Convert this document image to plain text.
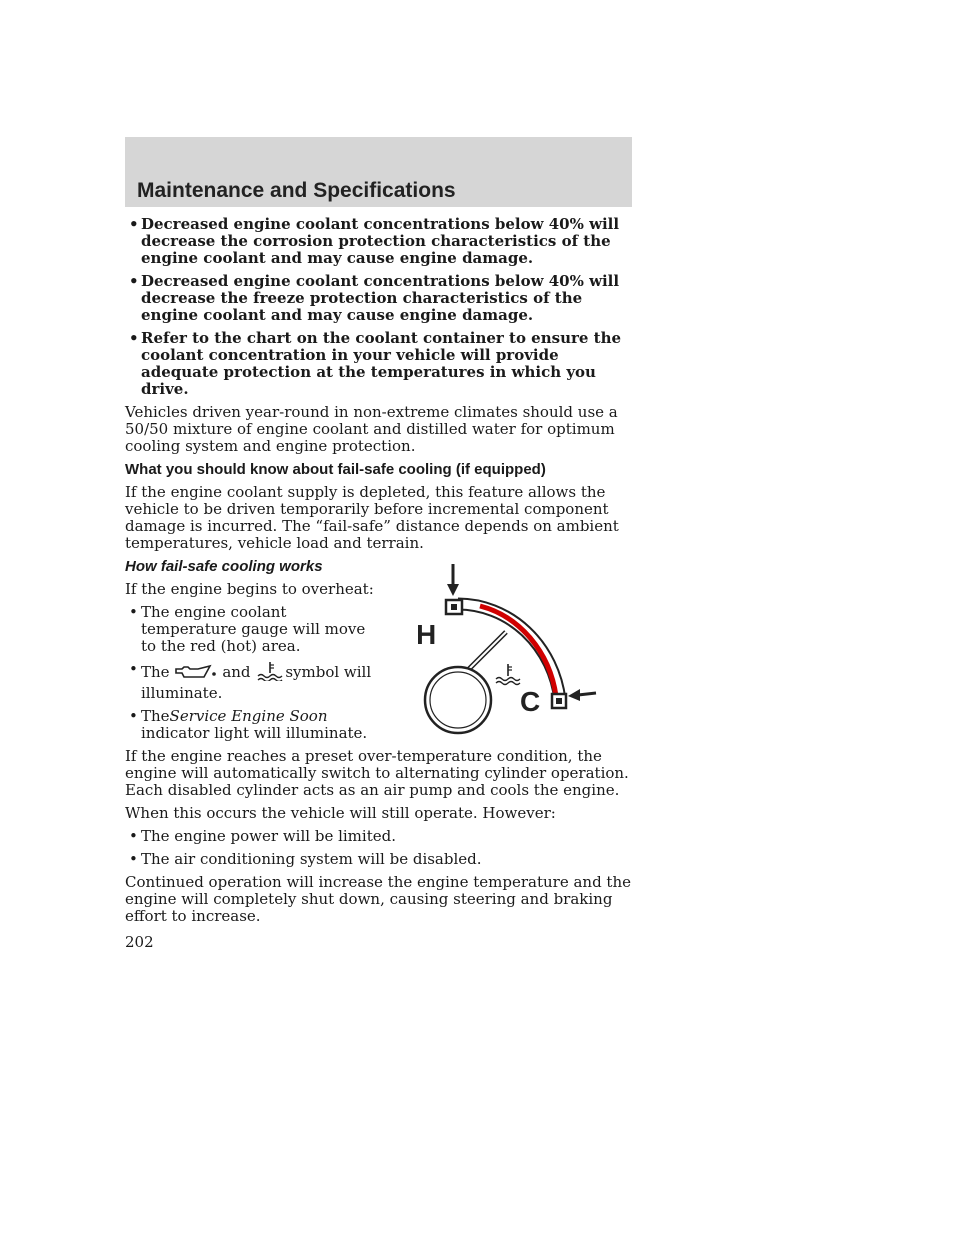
Maintenance and Specifications
• Decreased engine coolant concentrations below 40% will decrease the corrosion protection characteristics of the engine coolant and may cause engine damage.
• Decreased engine coolant concentrations below 40% will decrease the freeze protection characteristics of the engine coolant and may cause engine damage.
• Refer to the chart on the coolant container to ensure the coolant concentration in your vehicle will provide adequate protection at the temperatures in which you drive.

Vehicles driven year-round in non-extreme climates should use a 50/50 mixture of engine coolant and distilled water for optimum cooling system and engine protection.

What you should know about fail-safe cooling (if equipped)

If the engine coolant supply is depleted, this feature allows the vehicle to be driven temporarily before incremental component damage is incurred. The “fail-safe” distance depends on ambient temperatures, vehicle load and terrain.

How fail-safe cooling works

If the engine begins to overheat:

• The engine coolant temperature gauge will move to the red (hot) area.
• The	and symbol will illuminate.
• TheService Engine Soon indicator light will illuminate.

If the engine reaches a preset over-temperature condition, the engine will automatically switch to alternating cylinder operation. Each disabled cylinder acts as an air pump and cools the engine.

When this occurs the vehicle will still operate. However:

• The engine power will be limited.
• The air conditioning system will be disabled.

Continued operation will increase the engine temperature and the engine will completely shut down, causing steering and braking effort to increase.

H
C
202
